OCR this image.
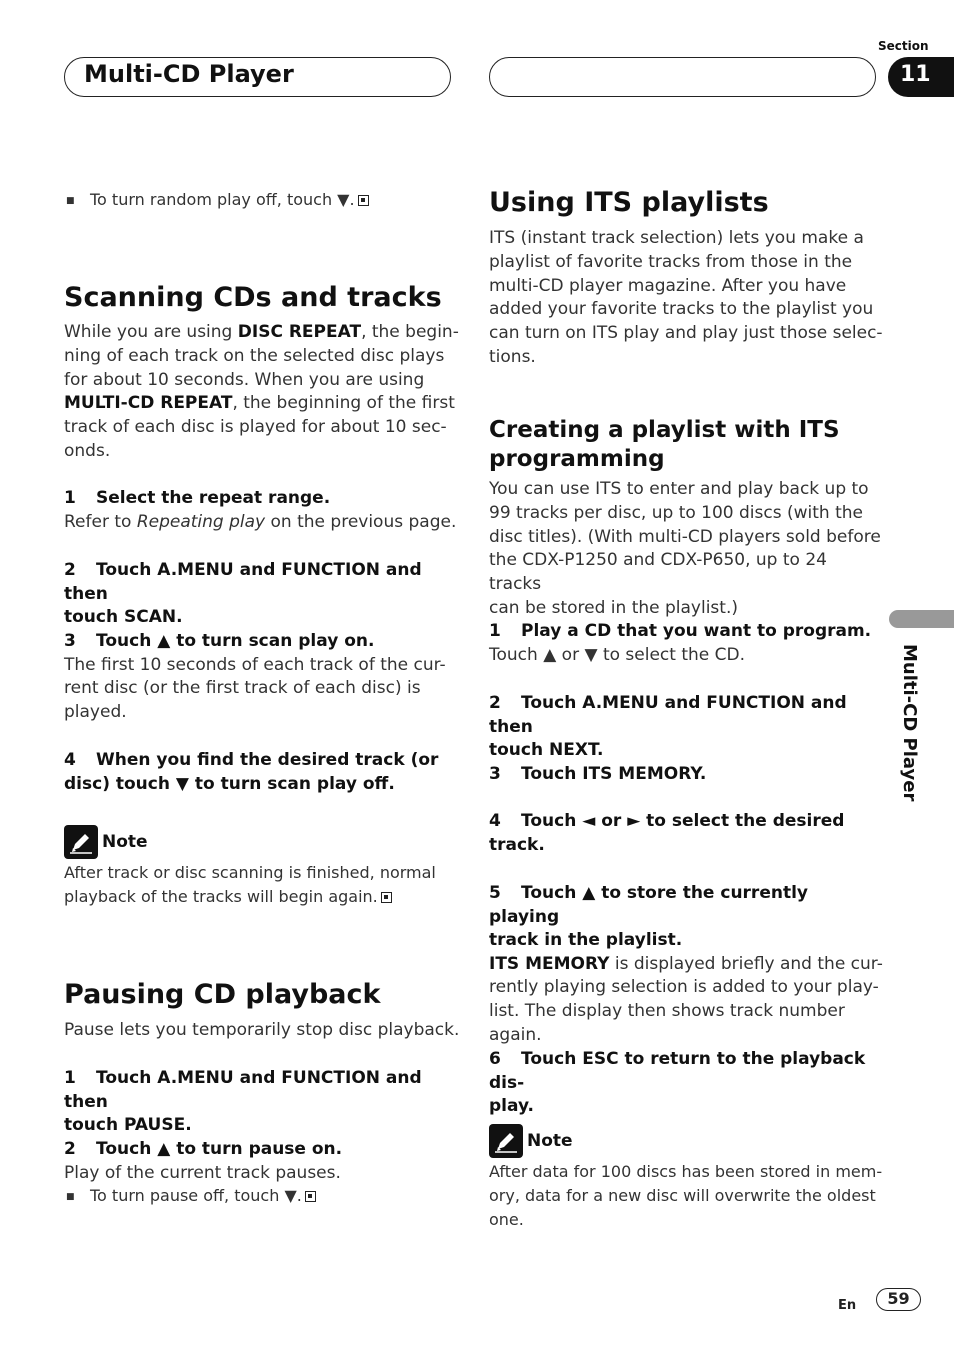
Multi-CD Player
Section
11
Multi-CD Player
■ To turn random play off, touch ▼.
Scanning CDs and tracks

While you are using DISC REPEAT, the begin-

ning of each track on the selected disc plays

for about 10 seconds. When you are using

MULTI-CD REPEAT, the beginning of the first

track of each disc is played for about 10 sec-

onds.

1 Select the repeat range.

Refer to Repeating play on the previous page.

2 Touch A.MENU and FUNCTION and then
touch SCAN.
3 Touch ▲ to turn scan play on.

The first 10 seconds of each track of the cur-

rent disc (or the first track of each disc) is

played.

4 When you find the desired track (or
disc) touch ▼ to turn scan play off.
Note
After track or disc scanning is finished, normal
playback of the tracks will begin again.
Pausing CD playback

Pause lets you temporarily stop disc playback.

1 Touch A.MENU and FUNCTION and then
touch PAUSE.
2 Touch ▲ to turn pause on.

Play of the current track pauses.

■ To turn pause off, touch ▼.
Using ITS playlists

ITS (instant track selection) lets you make a

playlist of favorite tracks from those in the

multi-CD player magazine. After you have

added your favorite tracks to the playlist you

can turn on ITS play and play just those selec-

tions.

Creating a playlist with ITS
programming

You can use ITS to enter and play back up to

99 tracks per disc, up to 100 discs (with the

disc titles). (With multi-CD players sold before

the CDX-P1250 and CDX-P650, up to 24 tracks

can be stored in the playlist.)

1 Play a CD that you want to program.

Touch ▲ or ▼ to select the CD.

2 Touch A.MENU and FUNCTION and then
touch NEXT.
3 Touch ITS MEMORY.
4 Touch ◄ or ► to select the desired
track.
5 Touch ▲ to store the currently playing
track in the playlist.

ITS MEMORY is displayed briefly and the cur-

rently playing selection is added to your play-

list. The display then shows track number

again.

6 Touch ESC to return to the playback dis-
play.
Note
After data for 100 discs has been stored in mem-
ory, data for a new disc will overwrite the oldest
one.
En	59
